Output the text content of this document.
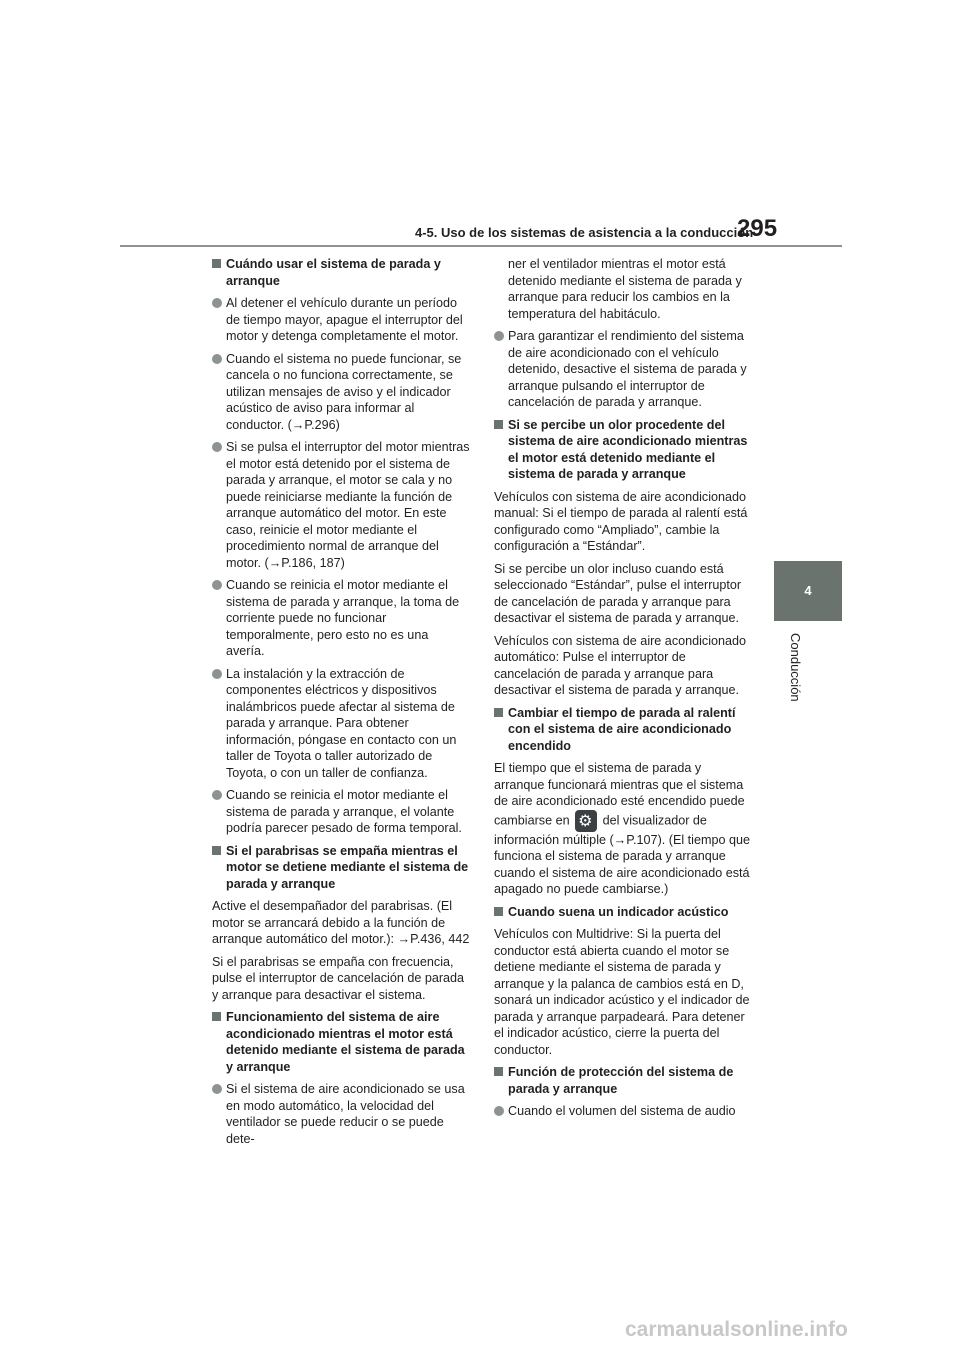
4-5. Uso de los sistemas de asistencia a la conducción
295
4
Conducción
Cuándo usar el sistema de parada y arranque
Al detener el vehículo durante un período de tiempo mayor, apague el interruptor del motor y detenga completamente el motor.
Cuando el sistema no puede funcionar, se cancela o no funciona correctamente, se utilizan mensajes de aviso y el indicador acústico de aviso para informar al conductor. (→P.296)
Si se pulsa el interruptor del motor mientras el motor está detenido por el sistema de parada y arranque, el motor se cala y no puede reiniciarse mediante la función de arranque automático del motor. En este caso, reinicie el motor mediante el procedimiento normal de arranque del motor. (→P.186, 187)
Cuando se reinicia el motor mediante el sistema de parada y arranque, la toma de corriente puede no funcionar temporalmente, pero esto no es una avería.
La instalación y la extracción de componentes eléctricos y dispositivos inalámbricos puede afectar al sistema de parada y arranque. Para obtener información, póngase en contacto con un taller de Toyota o taller autorizado de Toyota, o con un taller de confianza.
Cuando se reinicia el motor mediante el sistema de parada y arranque, el volante podría parecer pesado de forma temporal.
Si el parabrisas se empaña mientras el motor se detiene mediante el sistema de parada y arranque
Active el desempañador del parabrisas. (El motor se arrancará debido a la función de arranque automático del motor.): →P.436, 442
Si el parabrisas se empaña con frecuencia, pulse el interruptor de cancelación de parada y arranque para desactivar el sistema.
Funcionamiento del sistema de aire acondicionado mientras el motor está detenido mediante el sistema de parada y arranque
Si el sistema de aire acondicionado se usa en modo automático, la velocidad del ventilador se puede reducir o se puede dete-
ner el ventilador mientras el motor está detenido mediante el sistema de parada y arranque para reducir los cambios en la temperatura del habitáculo.
Para garantizar el rendimiento del sistema de aire acondicionado con el vehículo detenido, desactive el sistema de parada y arranque pulsando el interruptor de cancelación de parada y arranque.
Si se percibe un olor procedente del sistema de aire acondicionado mientras el motor está detenido mediante el sistema de parada y arranque
Vehículos con sistema de aire acondicionado manual: Si el tiempo de parada al ralentí está configurado como “Ampliado”, cambie la configuración a “Estándar”.
Si se percibe un olor incluso cuando está seleccionado “Estándar”, pulse el interruptor de cancelación de parada y arranque para desactivar el sistema de parada y arranque.
Vehículos con sistema de aire acondicionado automático: Pulse el interruptor de cancelación de parada y arranque para desactivar el sistema de parada y arranque.
Cambiar el tiempo de parada al ralentí con el sistema de aire acondicionado encendido
El tiempo que el sistema de parada y arranque funcionará mientras que el sistema de aire acondicionado esté encendido puede cambiarse en ⚙	del visualizador de información múltiple (→P.107). (El tiempo que funciona el sistema de parada y arranque cuando el sistema de aire acondicionado está apagado no puede cambiarse.)
Cuando suena un indicador acústico
Vehículos con Multidrive: Si la puerta del conductor está abierta cuando el motor se detiene mediante el sistema de parada y arranque y la palanca de cambios está en D, sonará un indicador acústico y el indicador de parada y arranque parpadeará. Para detener el indicador acústico, cierre la puerta del conductor.
Función de protección del sistema de parada y arranque
Cuando el volumen del sistema de audio
carmanualsonline.info
